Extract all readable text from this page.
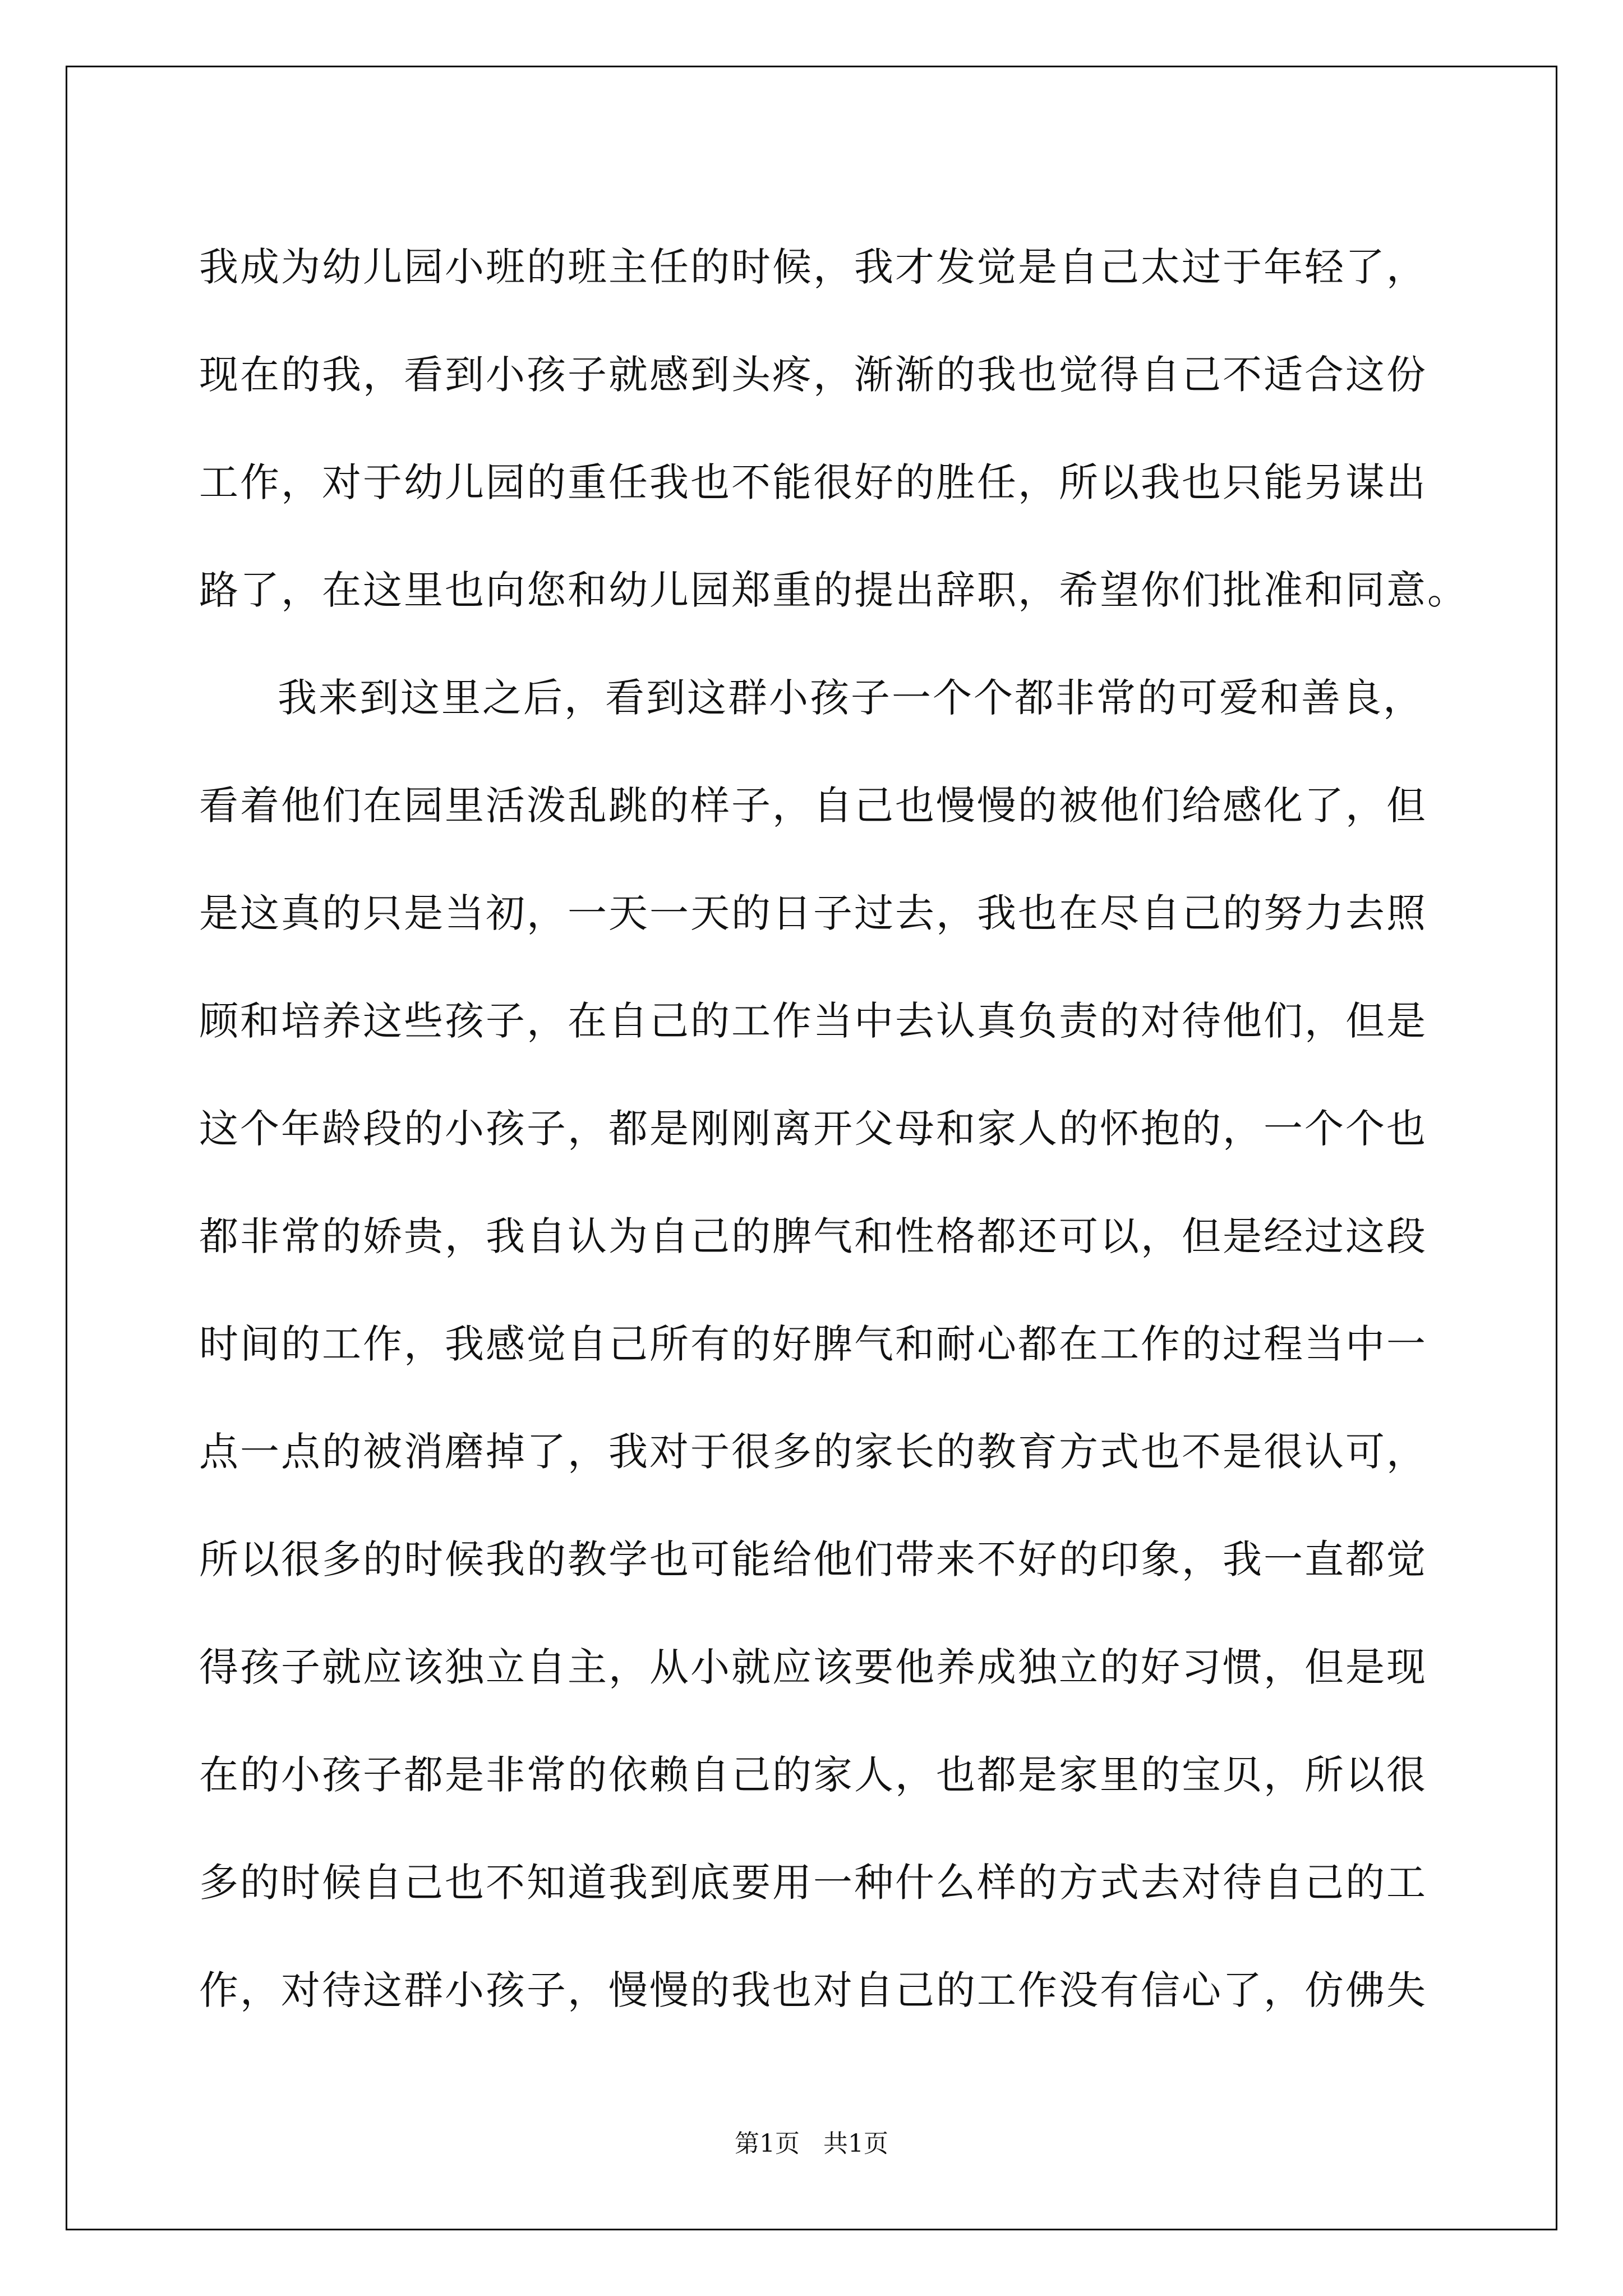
我成为幼儿园小班的班主任的时候，我才发觉是自己太过于年轻了，
现在的我，看到小孩子就感到头疼，渐渐的我也觉得自己不适合这份
工作，对于幼儿园的重任我也不能很好的胜任，所以我也只能另谋出
路了，在这里也向您和幼儿园郑重的提出辞职，希望你们批准和同意。
我来到这里之后，看到这群小孩子一个个都非常的可爱和善良，
看着他们在园里活泼乱跳的样子，自己也慢慢的被他们给感化了，但
是这真的只是当初，一天一天的日子过去，我也在尽自己的努力去照
顾和培养这些孩子，在自己的工作当中去认真负责的对待他们，但是
这个年龄段的小孩子，都是刚刚离开父母和家人的怀抱的，一个个也
都非常的娇贵，我自认为自己的脾气和性格都还可以，但是经过这段
时间的工作，我感觉自己所有的好脾气和耐心都在工作的过程当中一
点一点的被消磨掉了，我对于很多的家长的教育方式也不是很认可，
所以很多的时候我的教学也可能给他们带来不好的印象，我一直都觉
得孩子就应该独立自主，从小就应该要他养成独立的好习惯，但是现
在的小孩子都是非常的依赖自己的家人，也都是家里的宝贝，所以很
多的时候自己也不知道我到底要用一种什么样的方式去对待自己的工
作，对待这群小孩子，慢慢的我也对自己的工作没有信心了，仿佛失
第1页 共1页
